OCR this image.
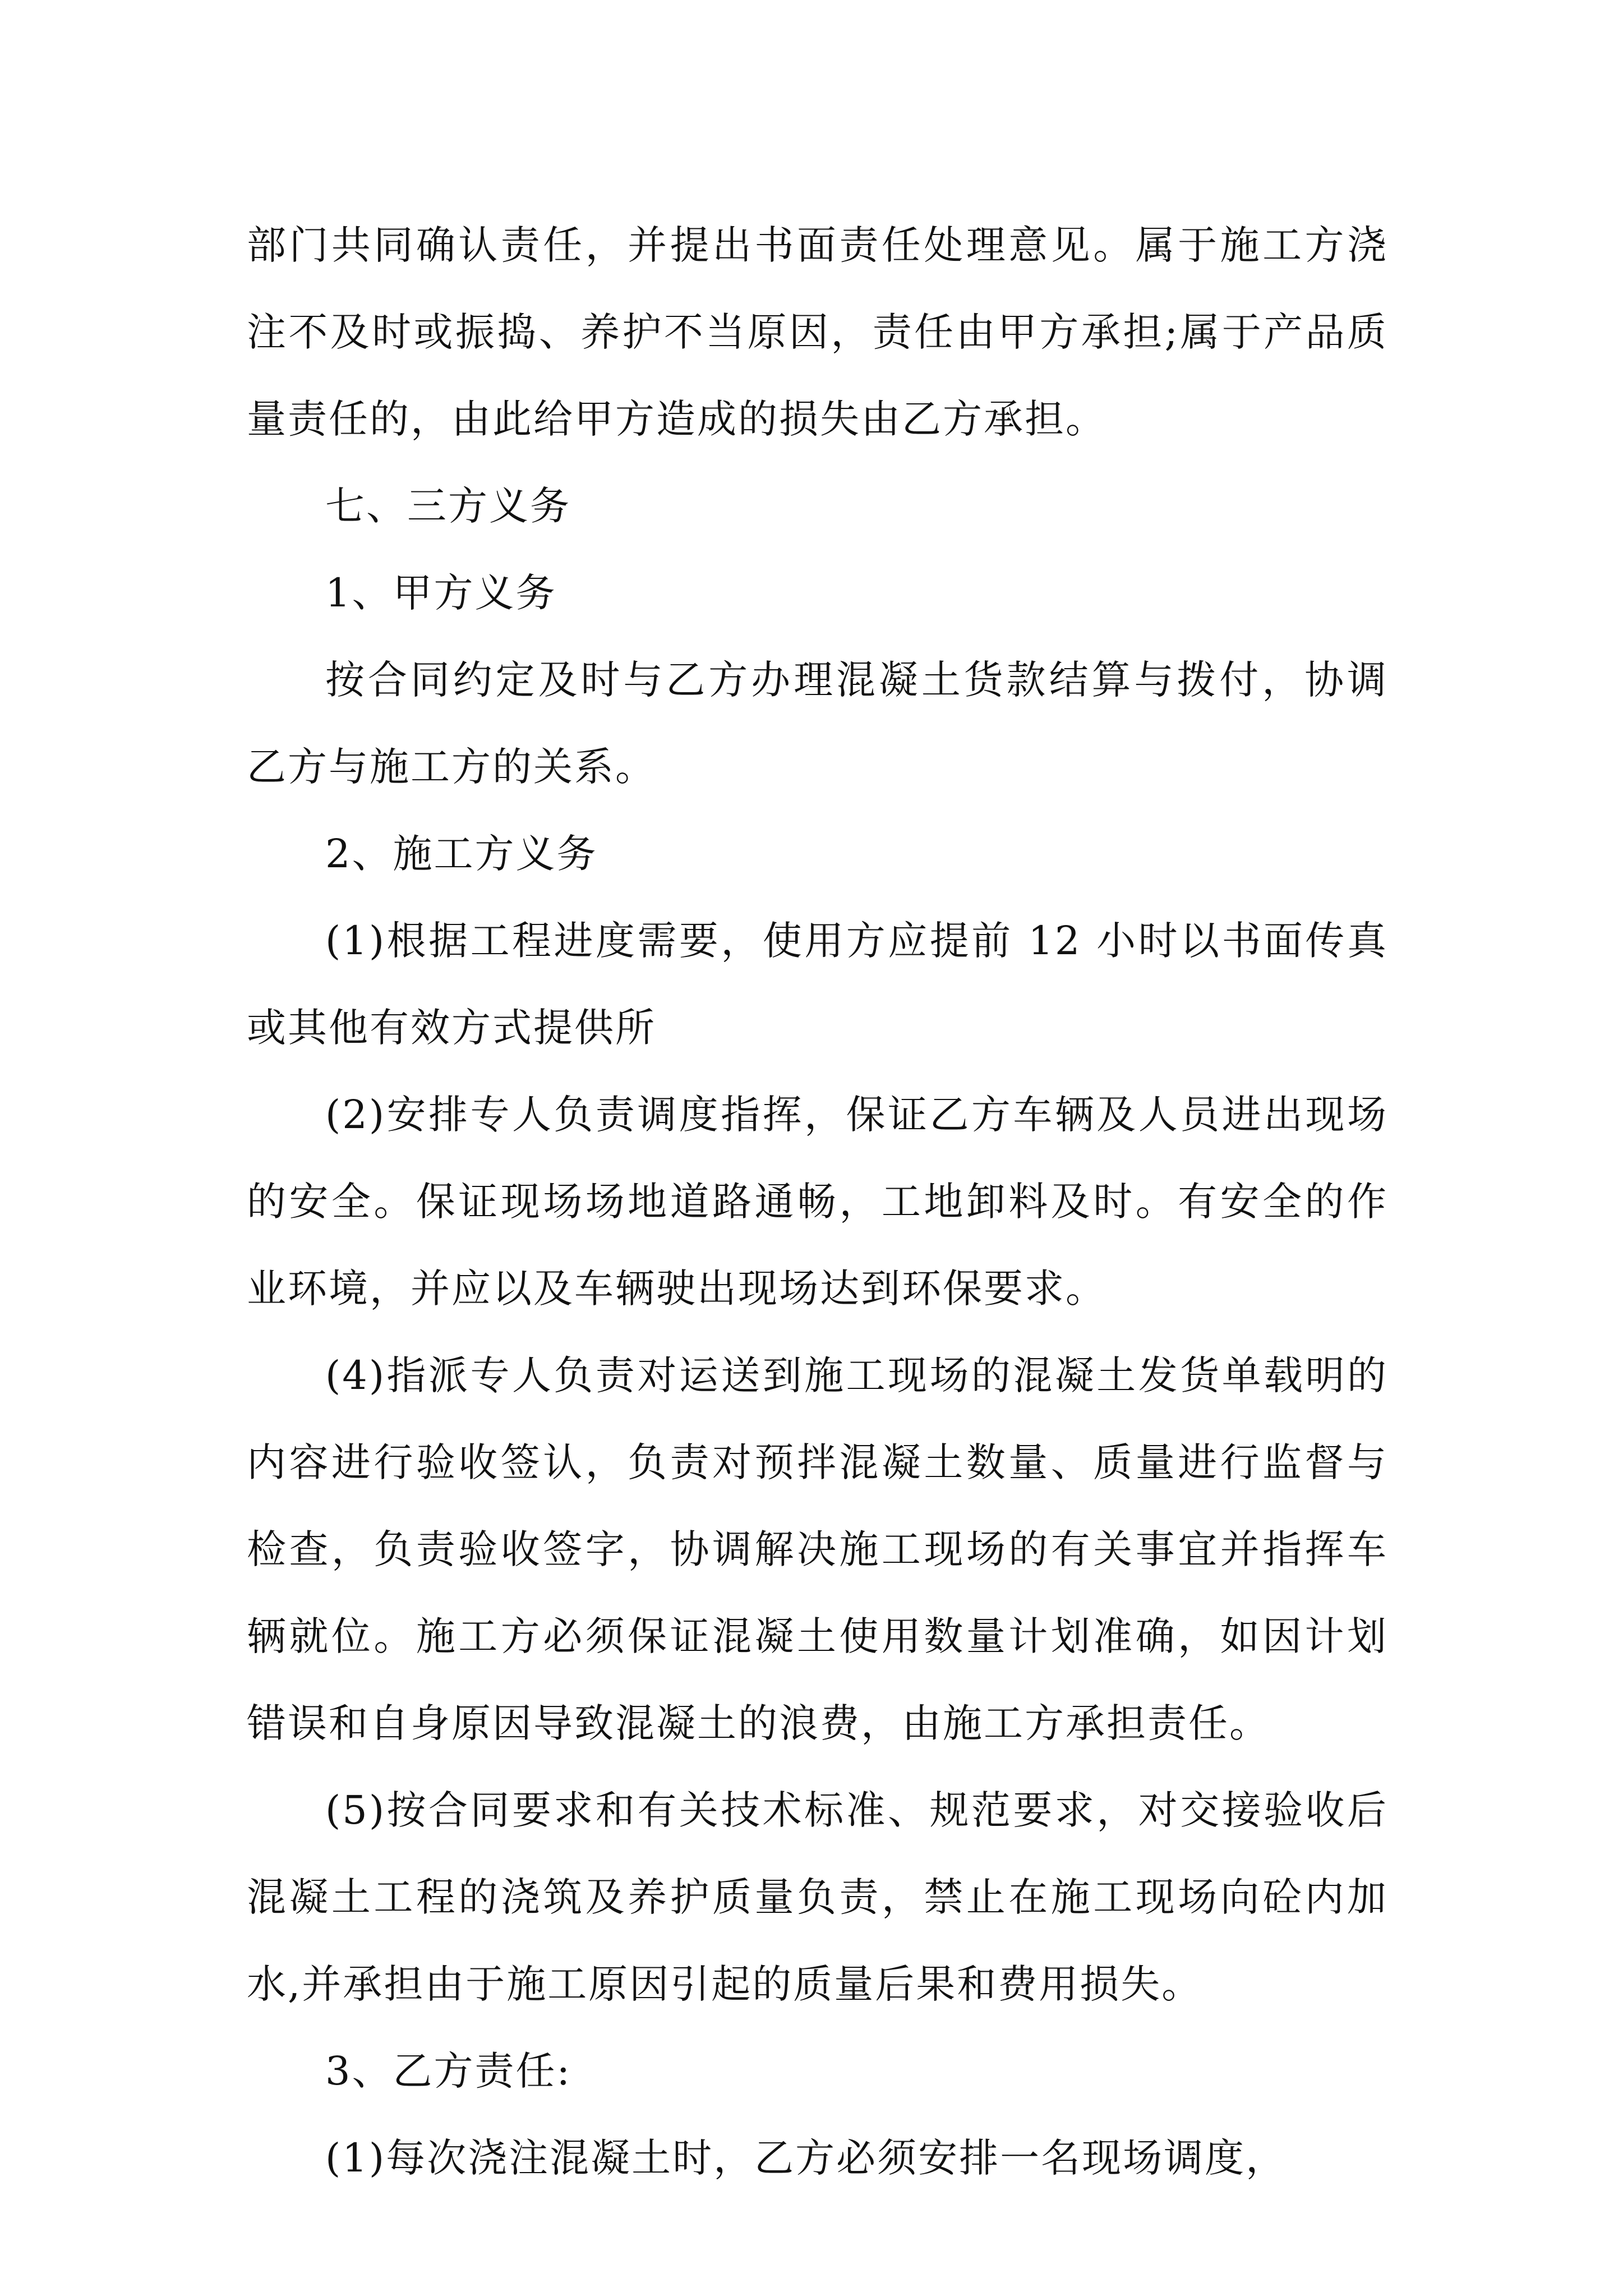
部门共同确认责任，并提出书面责任处理意见。属于施工方浇注不及时或振捣、养护不当原因，责任由甲方承担;属于产品质量责任的，由此给甲方造成的损失由乙方承担。

七、三方义务

1、甲方义务

按合同约定及时与乙方办理混凝土货款结算与拨付，协调乙方与施工方的关系。

2、施工方义务

(1)根据工程进度需要，使用方应提前 12 小时以书面传真或其他有效方式提供所

(2)安排专人负责调度指挥，保证乙方车辆及人员进出现场的安全。保证现场场地道路通畅，工地卸料及时。有安全的作业环境，并应以及车辆驶出现场达到环保要求。

(4)指派专人负责对运送到施工现场的混凝土发货单载明的内容进行验收签认，负责对预拌混凝土数量、质量进行监督与检查，负责验收签字，协调解决施工现场的有关事宜并指挥车辆就位。施工方必须保证混凝土使用数量计划准确，如因计划错误和自身原因导致混凝土的浪费，由施工方承担责任。

(5)按合同要求和有关技术标准、规范要求，对交接验收后混凝土工程的浇筑及养护质量负责，禁止在施工现场向砼内加水,并承担由于施工原因引起的质量后果和费用损失。

3、乙方责任:

(1)每次浇注混凝土时，乙方必须安排一名现场调度，
